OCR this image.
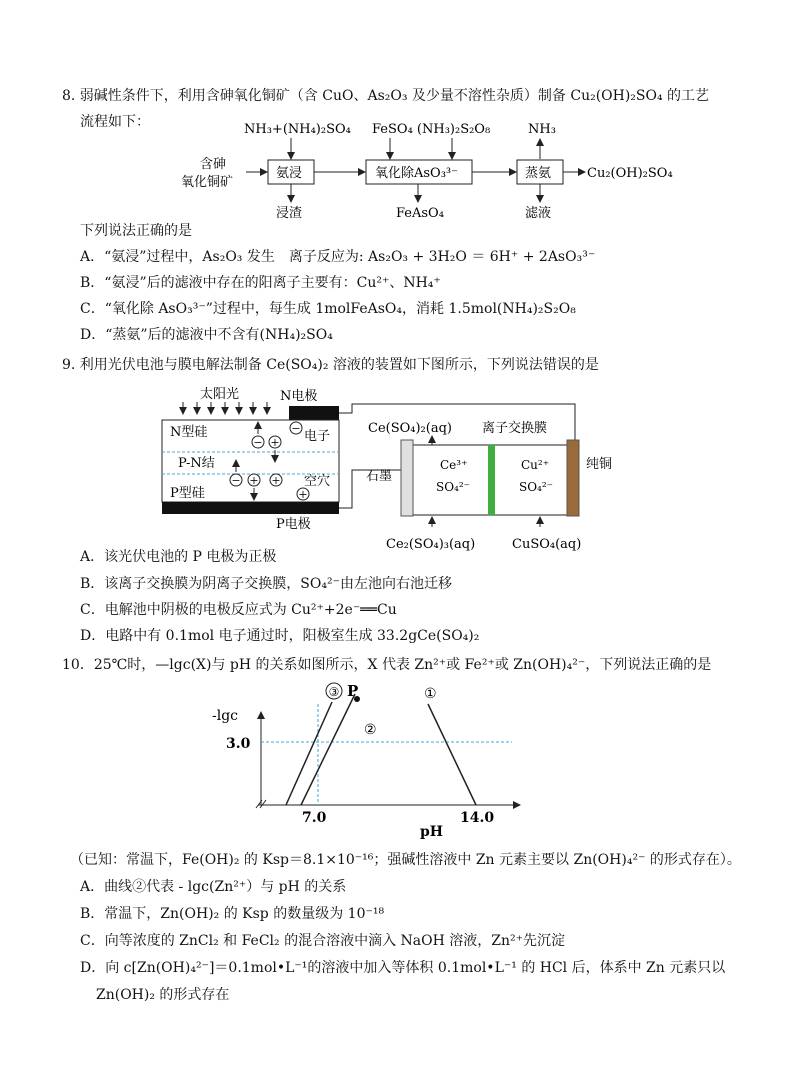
8. 弱碱性条件下，利用含砷氧化铜矿（含 CuO、As₂O₃ 及少量不溶性杂质）制备 Cu₂(OH)₂SO₄ 的工艺
流程如下：	NH₃+(NH₄)₂SO₄ FeSO₄ (NH₃)₂S₂O₈	NH₃
含砷
氧化铜矿
氨浸	氧化除AsO₃³⁻	蒸氨	Cu₂(OH)₂SO₄
浸渣	FeAsO₄	滤液
下列说法正确的是
A．“氨浸”过程中，As₂O₃ 发生　离子反应为: As₂O₃ + 3H₂O ＝ 6H⁺ + 2AsO₃³⁻
B．“氨浸”后的滤液中存在的阳离子主要有：Cu²⁺、NH₄⁺
C．“氧化除 AsO₃³⁻”过程中，每生成 1molFeAsO₄，消耗 1.5mol(NH₄)₂S₂O₈
D．“蒸氨”后的滤液中不含有(NH₄)₂SO₄
9. 利用光伏电池与膜电解法制备 Ce(SO₄)₂ 溶液的装置如下图所示，下列说法错误的是
太阳光	N电极
N型硅
P-N结
P型硅
电子
空穴
P电极
− +
−
− + +
+
Ce(SO₄)₂(aq) 离子交换膜
石墨
纯铜
Ce³⁺
SO₄²⁻
Cu²⁺
SO₄²⁻
Ce₂(SO₄)₃(aq)	CuSO₄(aq)
A．该光伏电池的 P 电极为正极
B．该离子交换膜为阴离子交换膜，SO₄²⁻由左池向右池迁移
C．电解池中阴极的电极反应式为 Cu²⁺+2e⁻══Cu
D．电路中有 0.1mol 电子通过时，阳极室生成 33.2gCe(SO₄)₂
10．25℃时，—lgc(X)与 pH 的关系如图所示，X 代表 Zn²⁺或 Fe²⁺或 Zn(OH)₄²⁻，下列说法正确的是
-lgc
pH
3.0
7.0	14.0
③ P
②
①
（已知：常温下，Fe(OH)₂ 的 Ksp＝8.1×10⁻¹⁶；强碱性溶液中 Zn 元素主要以 Zn(OH)₄²⁻ 的形式存在）。
A．曲线②代表 - lgc(Zn²⁺）与 pH 的关系
B．常温下，Zn(OH)₂ 的 Ksp 的数量级为 10⁻¹⁸
C．向等浓度的 ZnCl₂ 和 FeCl₂ 的混合溶液中滴入 NaOH 溶液，Zn²⁺先沉淀
D．向 c[Zn(OH)₄²⁻]＝0.1mol•L⁻¹的溶液中加入等体积 0.1mol•L⁻¹ 的 HCl 后，体系中 Zn 元素只以
Zn(OH)₂ 的形式存在
